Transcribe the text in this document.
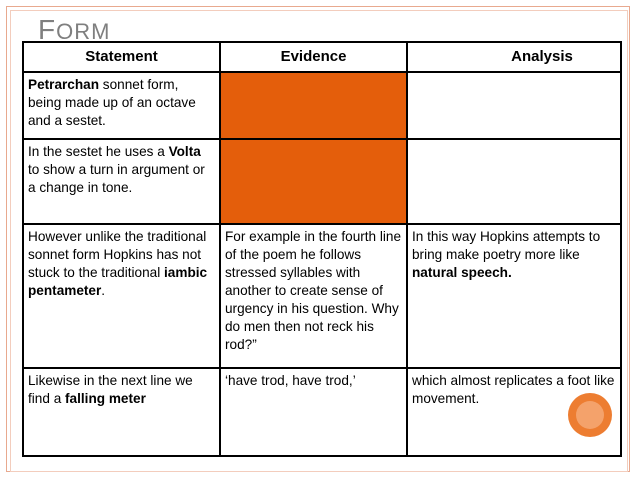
FORM
Statement	Evidence	Analysis
Petrarchan sonnet form, being made up of an octave and a sestet.		
In the sestet he uses a Volta to show a turn in argument or a change in tone.		
However unlike the traditional sonnet form Hopkins has not stuck to the traditional iambic pentameter.	For example in the fourth line of the poem he follows stressed syllables with another to create sense of urgency in his question. Why do men then not reck his rod?”	In this way Hopkins attempts to bring make poetry more like natural speech.
Likewise in the next line we find a falling meter	‘have trod, have trod,’	which almost replicates a foot like movement.
